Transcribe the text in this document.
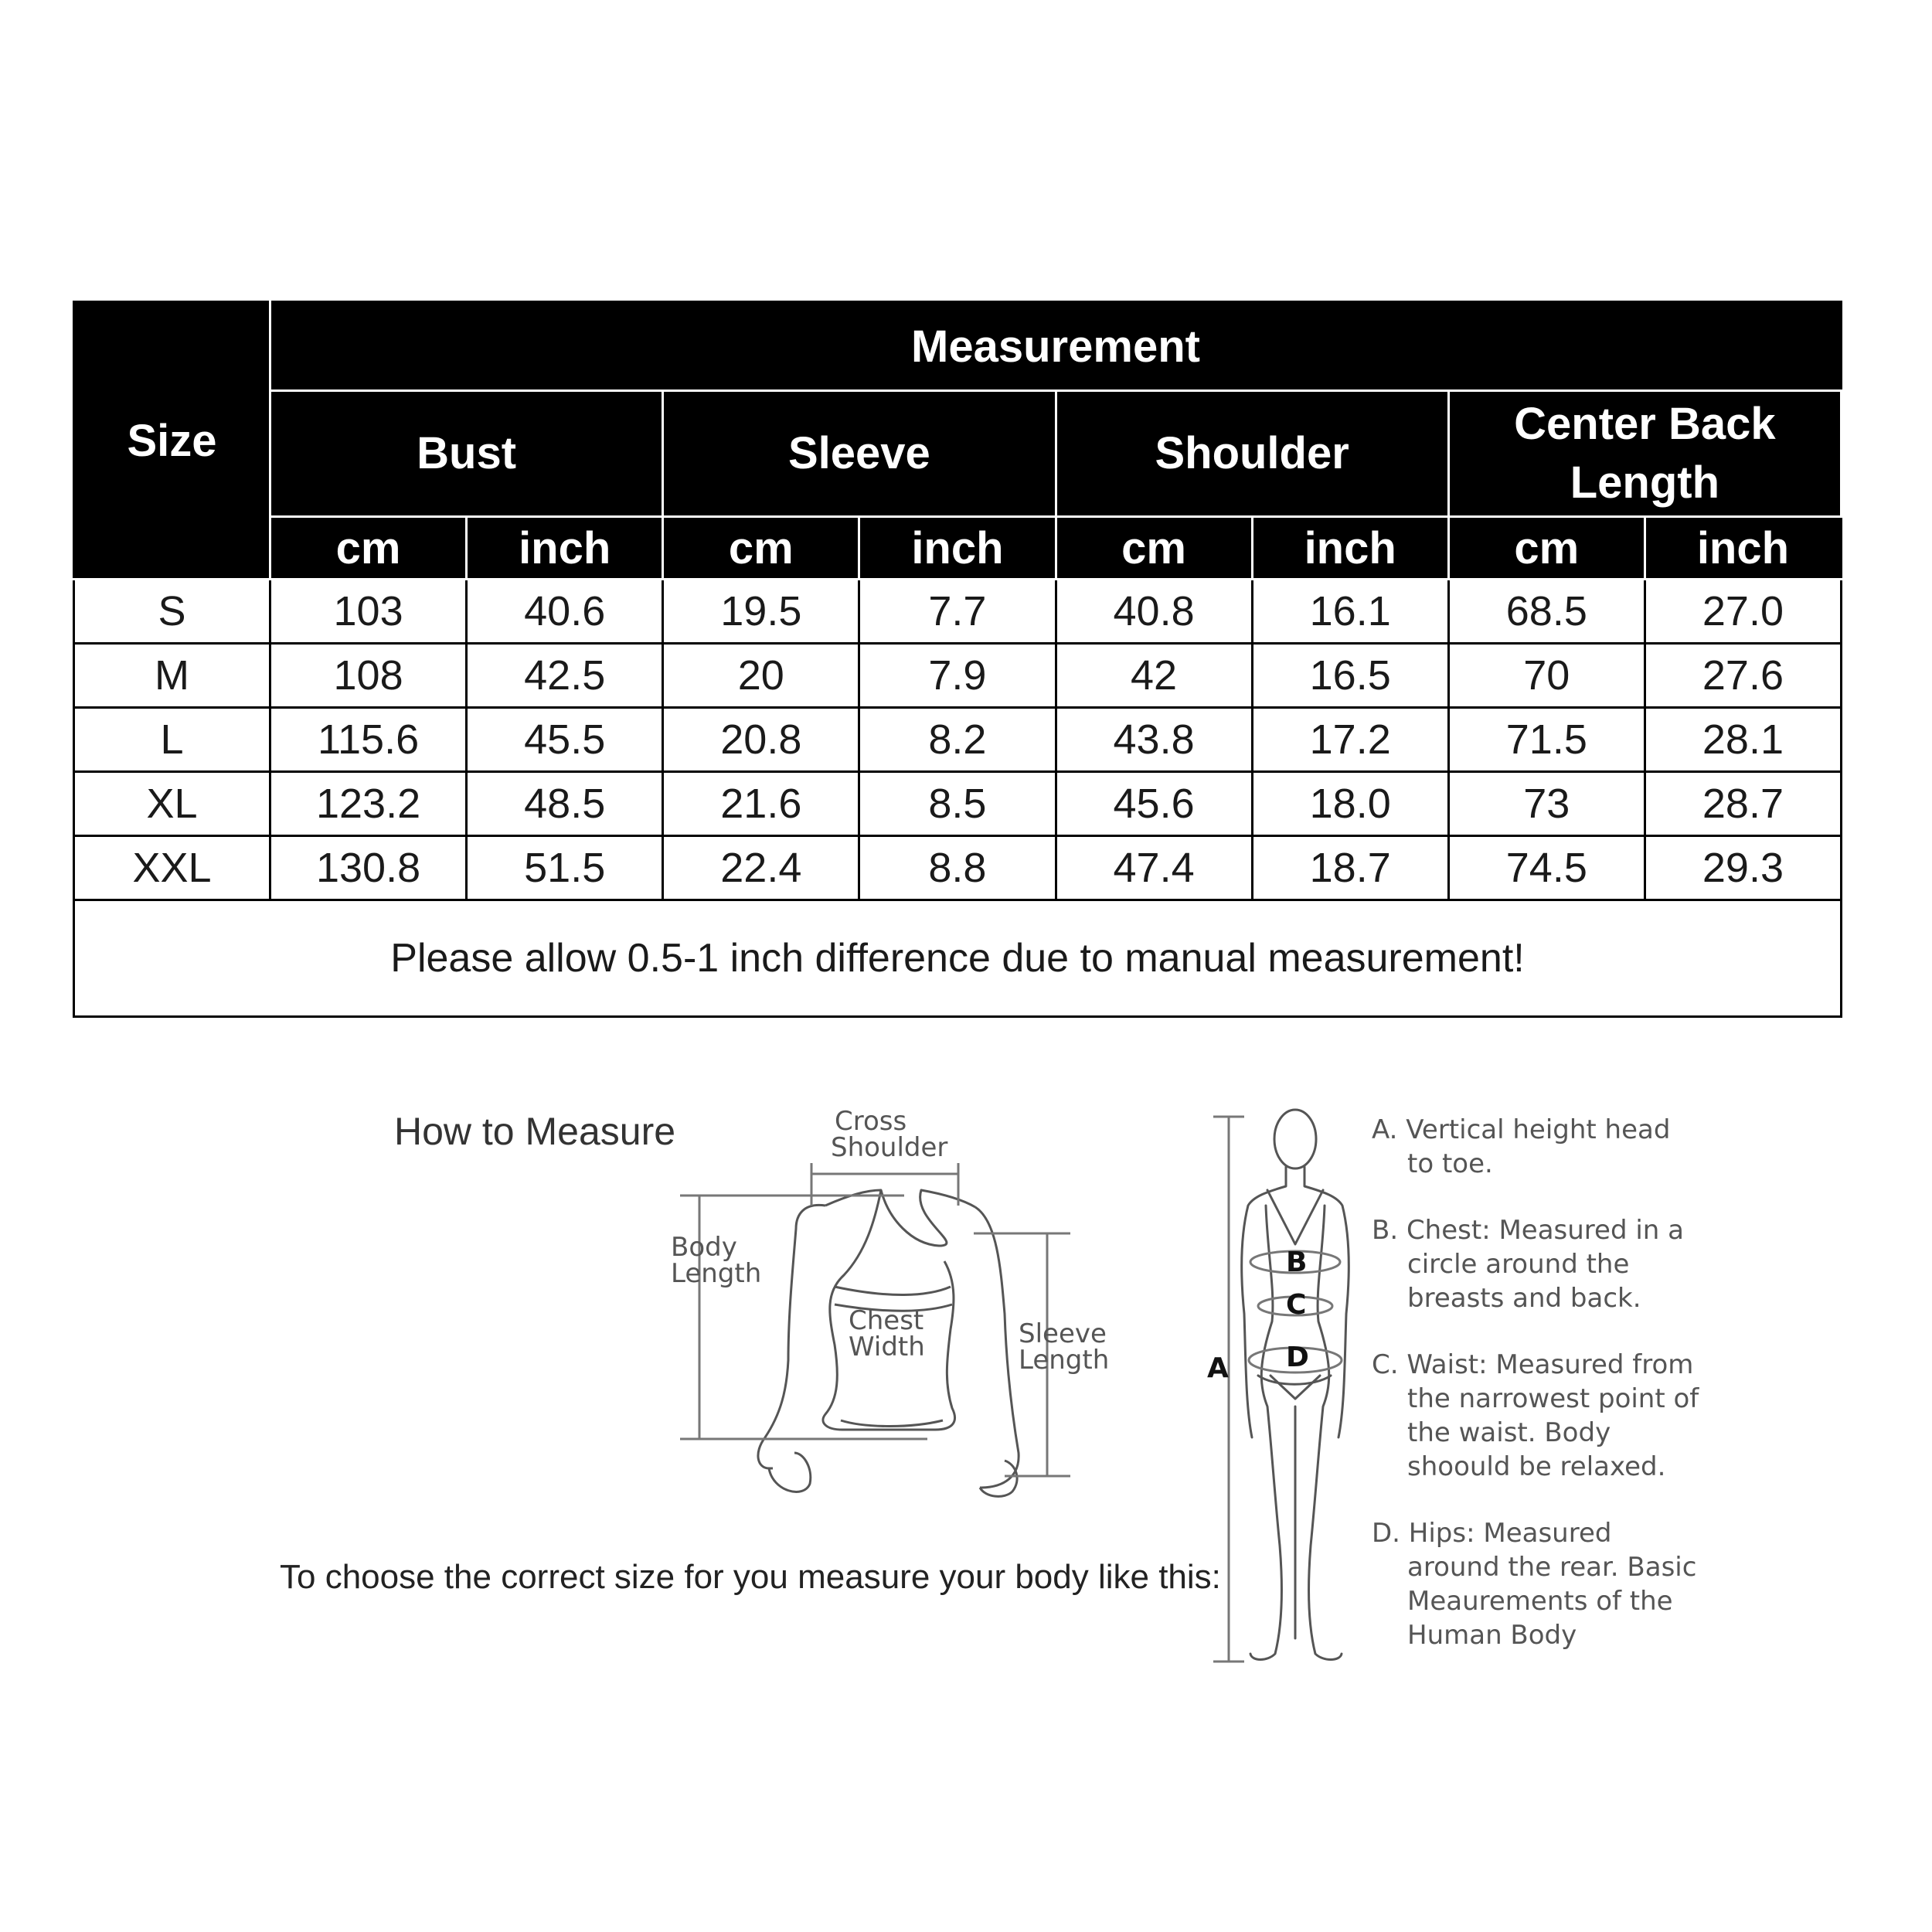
Size	Measurement							
	Bust		Sleeve		Shoulder		Center Back Length	
	cm	inch	cm	inch	cm	inch	cm	inch
S	103	40.6	19.5	7.7	40.8	16.1	68.5	27.0
M	108	42.5	20	7.9	42	16.5	70	27.6
L	115.6	45.5	20.8	8.2	43.8	17.2	71.5	28.1
XL	123.2	48.5	21.6	8.5	45.6	18.0	73	28.7
XXL	130.8	51.5	22.4	8.8	47.4	18.7	74.5	29.3
Please allow 0.5-1 inch difference due to manual measurement!								
How to Measure
To choose the correct size for you measure your body like this:
Cross
Shoulder
Body
Length
Chest
Width	Sleeve
Length	A
B
C
D

A. Vertical height head to toe.

B. Chest: Measured in a circle around the breasts and back.

C. Waist: Measured from the narrowest point of the waist. Body shoould be relaxed.

D. Hips: Measured around the rear. Basic Meaurements of the Human Body
